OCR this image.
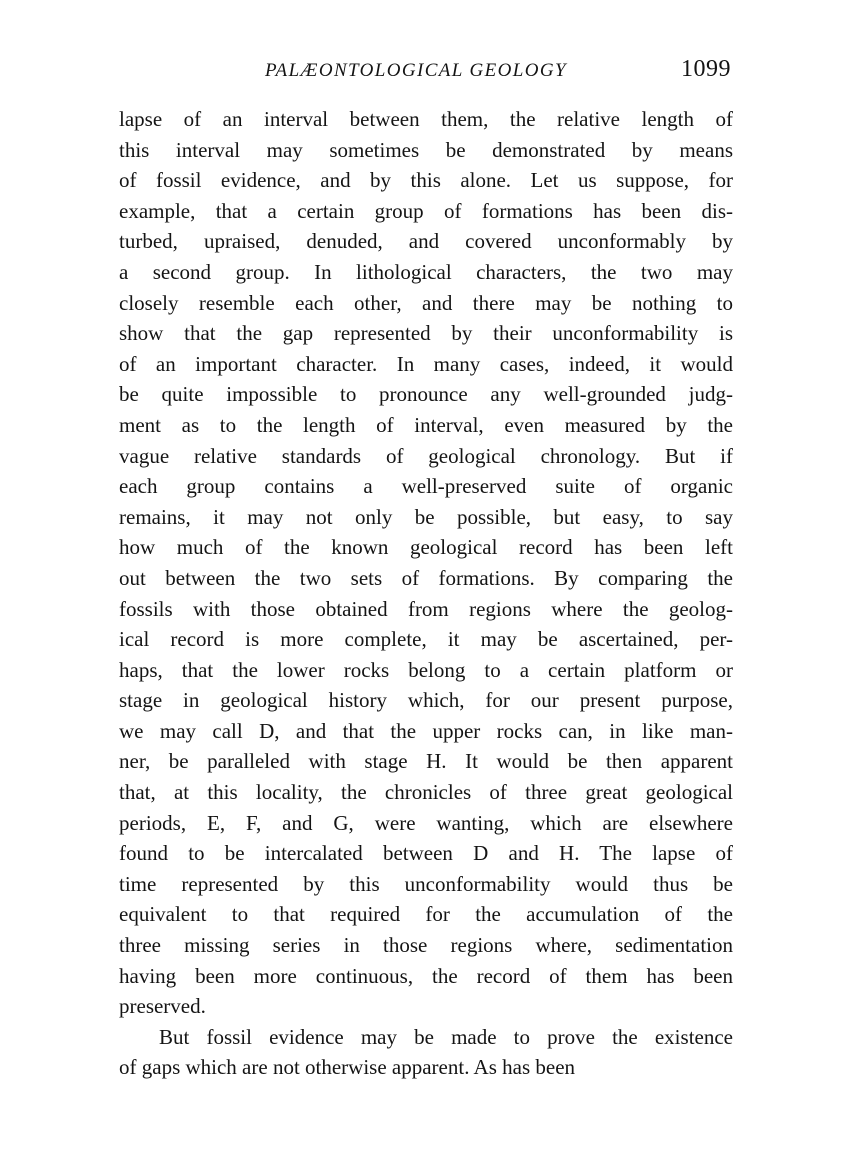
PALÆONTOLOGICAL GEOLOGY	1099

lapse of an interval between them, the relative length of
this interval may sometimes be demonstrated by means
of fossil evidence, and by this alone. Let us suppose, for
example, that a certain group of formations has been dis-
turbed, upraised, denuded, and covered unconformably by
a second group. In lithological characters, the two may
closely resemble each other, and there may be nothing to
show that the gap represented by their unconformability is
of an important character. In many cases, indeed, it would
be quite impossible to pronounce any well-grounded judg-
ment as to the length of interval, even measured by the
vague relative standards of geological chronology. But if
each group contains a well-preserved suite of organic
remains, it may not only be possible, but easy, to say
how much of the known geological record has been left
out between the two sets of formations. By comparing the
fossils with those obtained from regions where the geolog-
ical record is more complete, it may be ascertained, per-
haps, that the lower rocks belong to a certain platform or
stage in geological history which, for our present purpose,
we may call D, and that the upper rocks can, in like man-
ner, be paralleled with stage H. It would be then apparent
that, at this locality, the chronicles of three great geological
periods, E, F, and G, were wanting, which are elsewhere
found to be intercalated between D and H. The lapse of
time represented by this unconformability would thus be
equivalent to that required for the accumulation of the
three missing series in those regions where, sedimentation
having been more continuous, the record of them has been
preserved.

But fossil evidence may be made to prove the existence
of gaps which are not otherwise apparent. As has been
